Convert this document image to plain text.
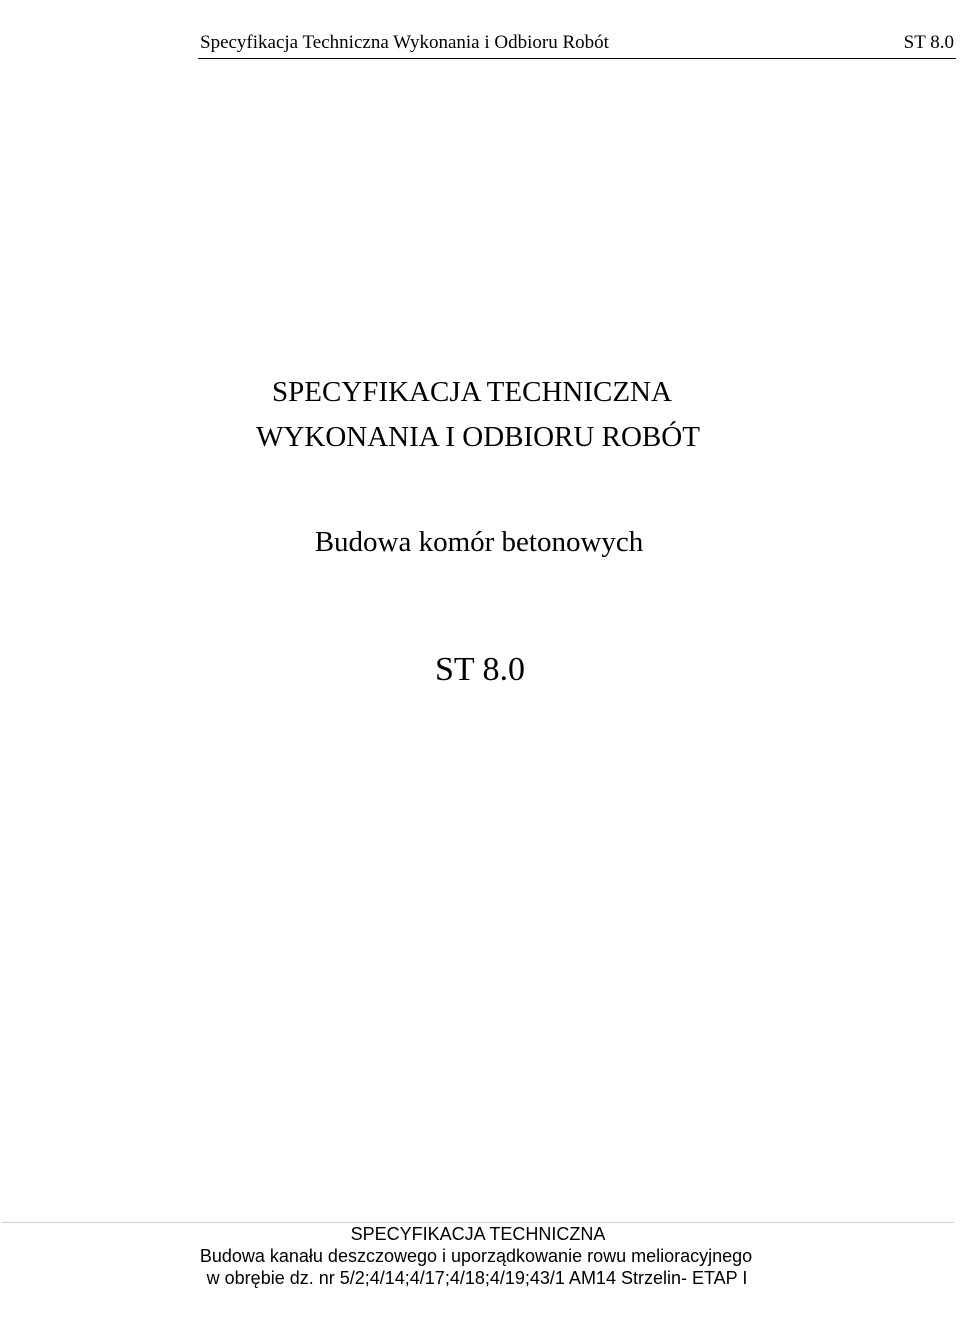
Specyfikacja Techniczna Wykonania i Odbioru Robót	ST 8.0
SPECYFIKACJA TECHNICZNA
WYKONANIA I ODBIORU ROBÓT
Budowa komór betonowych
ST 8.0
SPECYFIKACJA TECHNICZNA
Budowa kanału deszczowego i uporządkowanie rowu melioracyjnego
w obrębie dz. nr 5/2;4/14;4/17;4/18;4/19;43/1 AM14 Strzelin- ETAP I
